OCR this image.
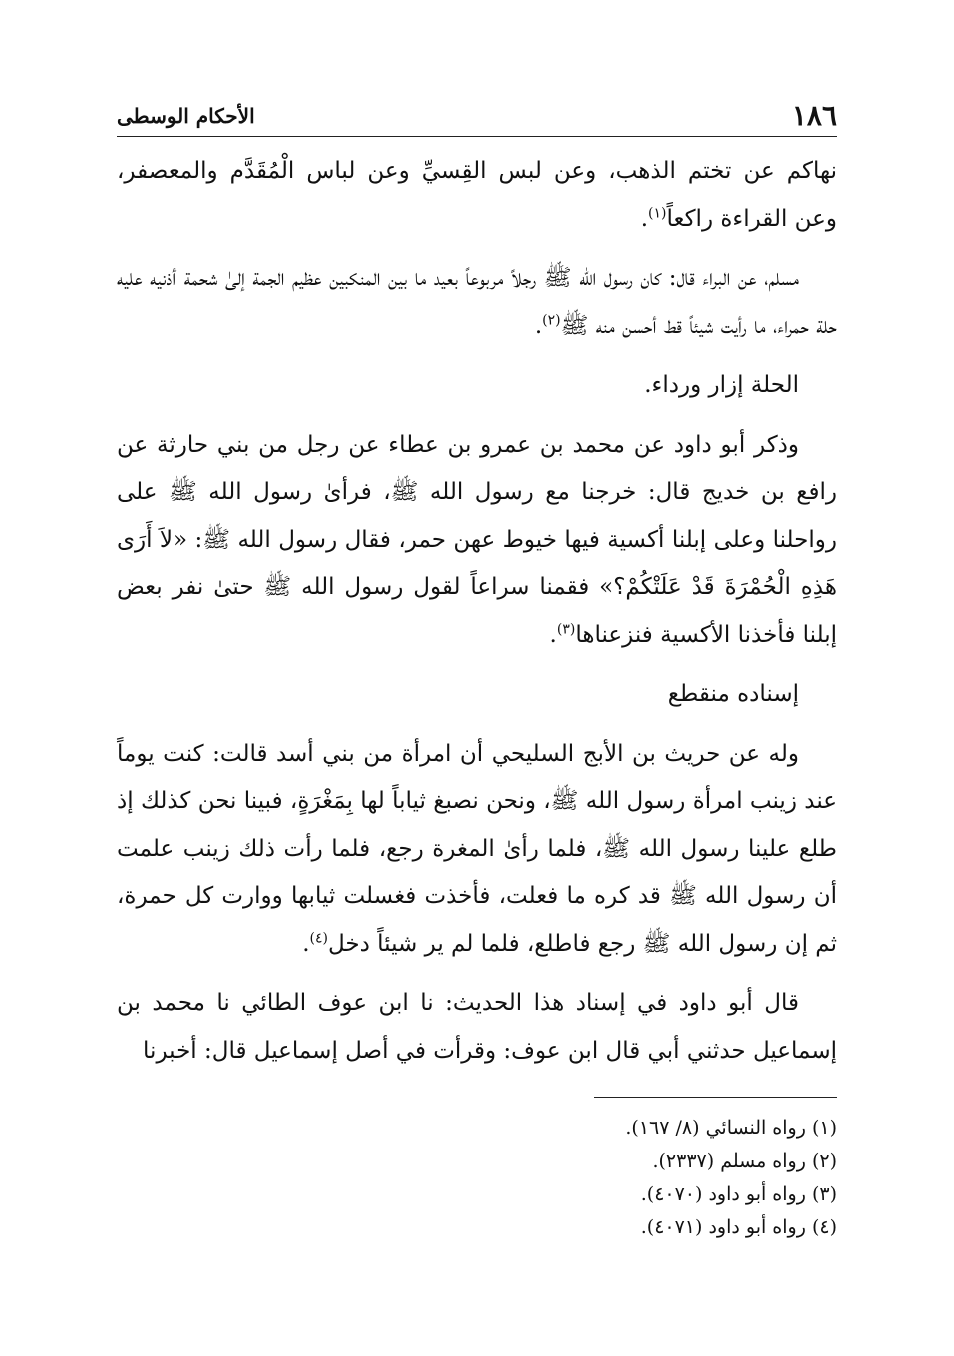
١٨٦
الأحكام الوسطى

نهاكم عن تختم الذهب، وعن لبس القِسيِّ وعن لباس الْمُقَدَّم والمعصفر، وعن القراءة راكعاً$^{(١)}$.

مسلم، عن البراء قال: كان رسول الله ﷺ رجلاً مربوعاً بعيد ما بين المنكبين عظيم الجمة إلىٰ شحمة أذنيه عليه حلة حمراء، ما رأيت شيئاً قط أحسن منه ﷺ$^{(٢)}$.

الحلة إزار ورداء.

وذكر أبو داود عن محمد بن عمرو بن عطاء عن رجل من بني حارثة عن رافع بن خديج قال: خرجنا مع رسول الله ﷺ، فرأىٰ رسول الله ﷺ على رواحلنا وعلى إبلنا أكسية فيها خيوط عهن حمر، فقال رسول الله ﷺ: «لاَ أَرَى هَذِهِ الْحُمْرَةَ قَدْ عَلَتْكُمْ؟» فقمنا سراعاً لقول رسول الله ﷺ حتىٰ نفر بعض إبلنا فأخذنا الأكسية فنزعناها$^{(٣)}$.

إسناده منقطع

وله عن حريث بن الأبج السليحي أن امرأة من بني أسد قالت: كنت يوماً عند زينب امرأة رسول الله ﷺ، ونحن نصبغ ثياباً لها بِمَغْرَةٍ، فبينا نحن كذلك إذ طلع علينا رسول الله ﷺ، فلما رأىٰ المغرة رجع، فلما رأت ذلك زينب علمت أن رسول الله ﷺ قد كره ما فعلت، فأخذت فغسلت ثيابها ووارت كل حمرة، ثم إن رسول الله ﷺ رجع فاطلع، فلما لم ير شيئاً دخل$^{(٤)}$.

قال أبو داود في إسناد هذا الحديث: نا ابن عوف الطائي نا محمد بن إسماعيل حدثني أبي قال ابن عوف: وقرأت في أصل إسماعيل قال: أخبرنا

(١) رواه النسائي (٨/ ١٦٧).

(٢) رواه مسلم (٢٣٣٧).

(٣) رواه أبو داود (٤٠٧٠).

(٤) رواه أبو داود (٤٠٧١).
